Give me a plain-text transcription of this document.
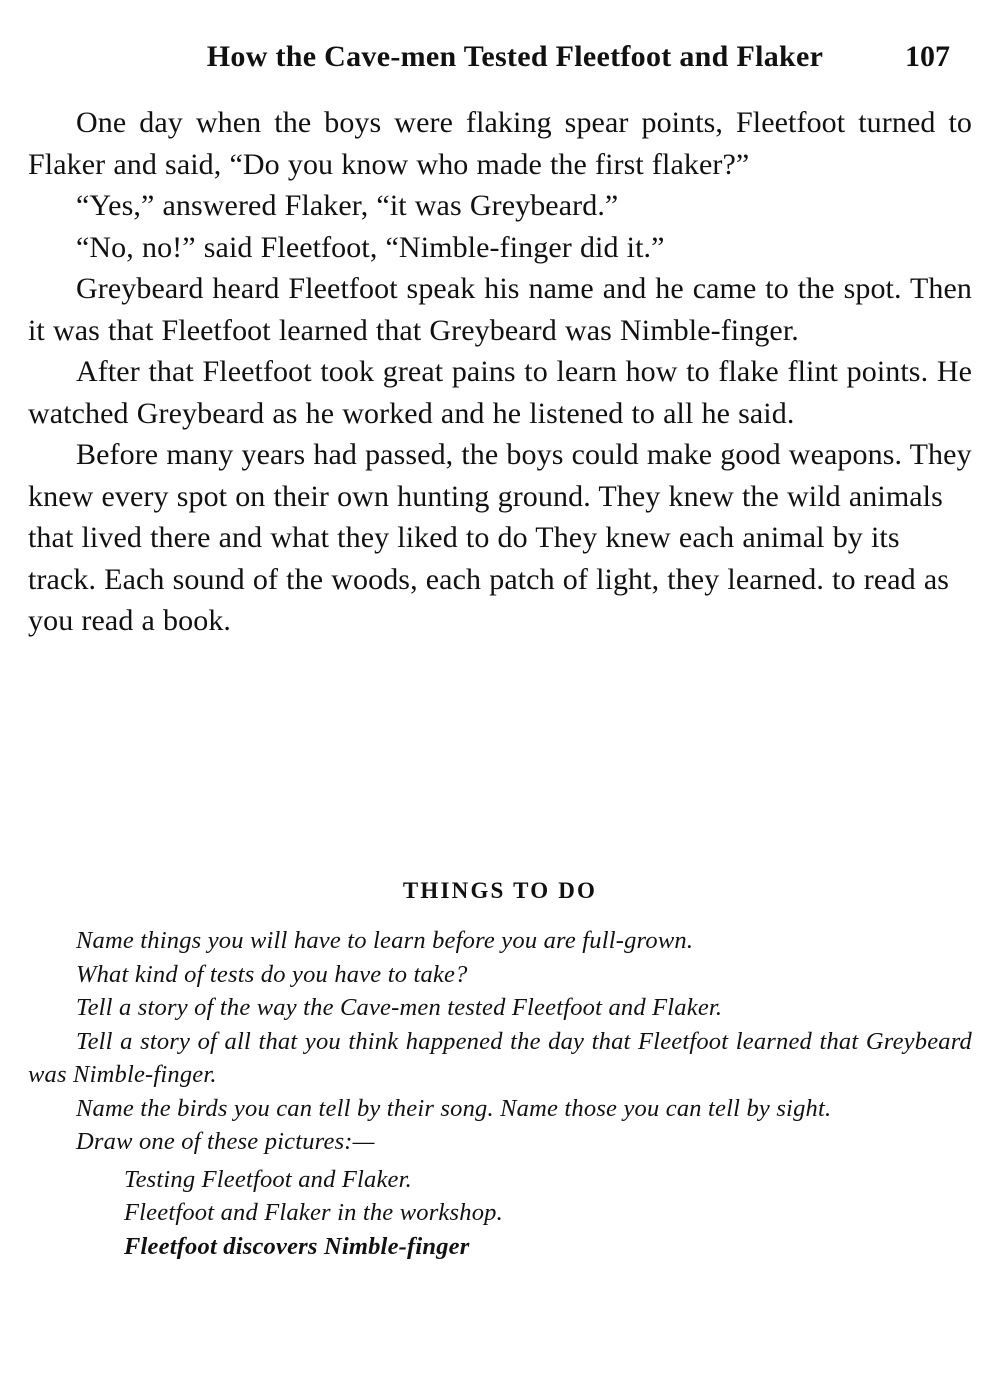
How the Cave-men Tested Fleetfoot and Flaker	107

One day when the boys were flaking spear points, Fleetfoot turned to Flaker and said, “Do you know who made the first flaker?”

“Yes,” answered Flaker, “it was Greybeard.”

“No, no!” said Fleetfoot, “Nimble-finger did it.”

Greybeard heard Fleetfoot speak his name and he came to the spot. Then it was that Fleetfoot learned that Greybeard was Nimble-finger.

After that Fleetfoot took great pains to learn how to flake flint points. He watched Greybeard as he worked and he listened to all he said.

Before many years had passed, the boys could make good weapons. They knew every spot on their own hunting ground. They knew the wild animals that lived there and what they liked to do They knew each animal by its track. Each sound of the woods, each patch of light, they learned. to read as you read a book.

THINGS TO DO

Name things you will have to learn before you are full-grown.

What kind of tests do you have to take?

Tell a story of the way the Cave-men tested Fleetfoot and Flaker.

Tell a story of all that you think happened the day that Fleetfoot learned that Greybeard was Nimble-finger.

Name the birds you can tell by their song. Name those you can tell by sight.

Draw one of these pictures:—

Testing Fleetfoot and Flaker.

Fleetfoot and Flaker in the workshop.

Fleetfoot discovers Nimble-finger
